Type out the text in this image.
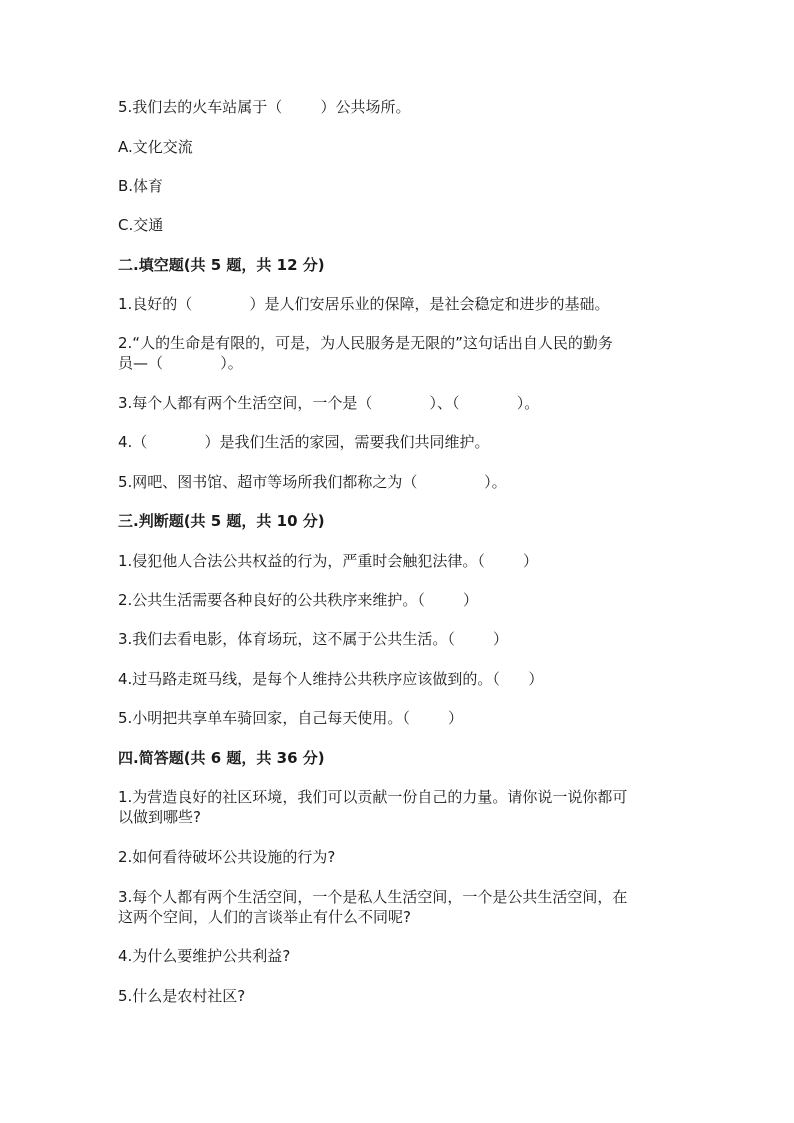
5.我们去的火车站属于（        ）公共场所。
A.文化交流
B.体育
C.交通
二.填空题(共 5 题，共 12 分)
1.良好的（            ）是人们安居乐业的保障，是社会稳定和进步的基础。
2.“人的生命是有限的，可是，为人民服务是无限的”这句话出自人民的勤务
员—（            ）。
3.每个人都有两个生活空间，一个是（            ）、（            ）。
4.（            ）是我们生活的家园，需要我们共同维护。
5.网吧、图书馆、超市等场所我们都称之为（              ）。
三.判断题(共 5 题，共 10 分)
1.侵犯他人合法公共权益的行为，严重时会触犯法律。（        ）
2.公共生活需要各种良好的公共秩序来维护。（        ）
3.我们去看电影，体育场玩，这不属于公共生活。（        ）
4.过马路走斑马线，是每个人维持公共秩序应该做到的。（      ）
5.小明把共享单车骑回家，自己每天使用。（        ）
四.简答题(共 6 题，共 36 分)
1.为营造良好的社区环境，我们可以贡献一份自己的力量。请你说一说你都可
以做到哪些?
2.如何看待破坏公共设施的行为?
3.每个人都有两个生活空间，一个是私人生活空间，一个是公共生活空间，在
这两个空间，人们的言谈举止有什么不同呢?
4.为什么要维护公共利益?
5.什么是农村社区?
